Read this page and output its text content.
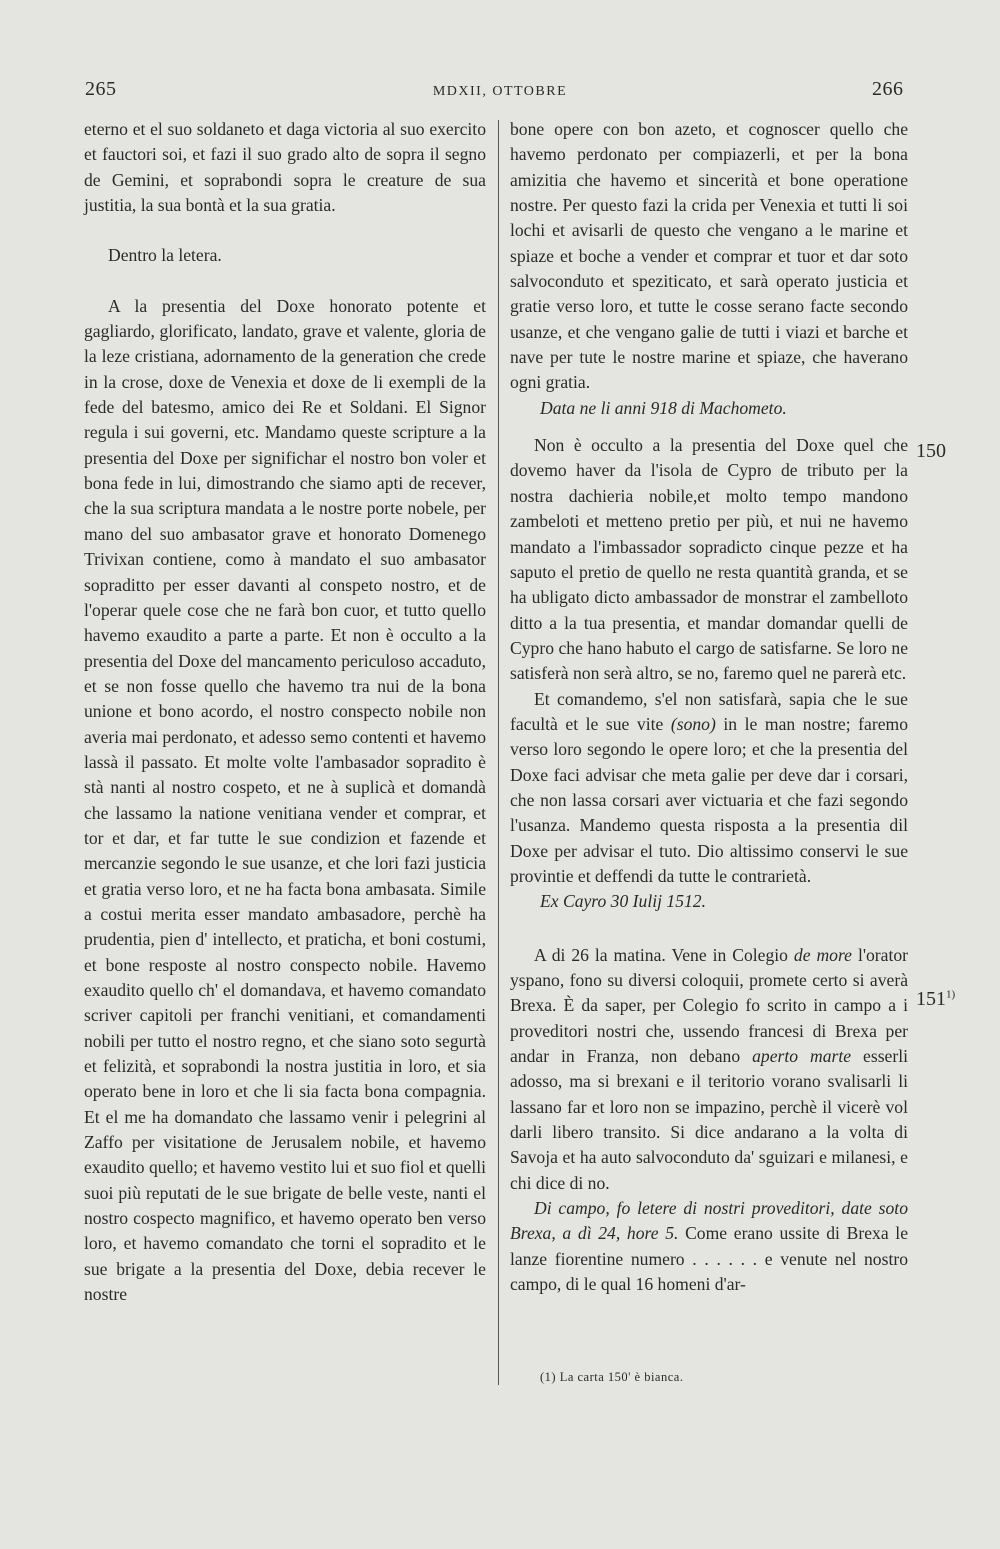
265	MDXII, OTTOBRE	266

eterno et el suo soldaneto et daga victoria al suo exercito et fauctori soi, et fazi il suo grado alto de sopra il segno de Gemini, et soprabondi sopra le creature de sua justitia, la sua bontà et la sua gratia.

Dentro la letera.

A la presentia del Doxe honorato potente et gagliardo, glorificato, landato, grave et valente, gloria de la leze cristiana, adornamento de la generation che crede in la crose, doxe de Venexia et doxe de li exempli de la fede del batesmo, amico dei Re et Soldani. El Signor regula i sui governi, etc. Mandamo queste scripture a la presentia del Doxe per significhar el nostro bon voler et bona fede in lui, dimostrando che siamo apti de recever, che la sua scriptura mandata a le nostre porte nobele, per mano del suo ambasator grave et honorato Domenego Trivixan contiene, como à mandato el suo ambasator sopraditto per esser davanti al conspeto nostro, et de l'operar quele cose che ne farà bon cuor, et tutto quello havemo exaudito a parte a parte. Et non è occulto a la presentia del Doxe del mancamento periculoso accaduto, et se non fosse quello che havemo tra nui de la bona unione et bono acordo, el nostro conspecto nobile non averia mai perdonato, et adesso semo contenti et havemo lassà il passato. Et molte volte l'ambasador sopradito è stà nanti al nostro cospeto, et ne à suplicà et domandà che lassamo la natione venitiana vender et comprar, et tor et dar, et far tutte le sue condizion et fazende et mercanzie segondo le sue usanze, et che lori fazi justicia et gratia verso loro, et ne ha facta bona ambasata. Simile a costui merita esser mandato ambasadore, perchè ha prudentia, pien d' intellecto, et praticha, et boni costumi, et bone resposte al nostro conspecto nobile. Havemo exaudito quello ch' el domandava, et havemo comandato scriver capitoli per franchi venitiani, et comandamenti nobili per tutto el nostro regno, et che siano soto segurtà et felizità, et soprabondi la nostra justitia in loro, et sia operato bene in loro et che li sia facta bona compagnia. Et el me ha domandato che lassamo venir i pelegrini al Zaffo per visitatione de Jerusalem nobile, et havemo exaudito quello; et havemo vestito lui et suo fiol et quelli suoi più reputati de le sue brigate de belle veste, nanti el nostro cospecto magnifico, et havemo operato ben verso loro, et havemo comandato che torni el sopradito et le sue brigate a la presentia del Doxe, debia recever le nostre

bone opere con bon azeto, et cognoscer quello che havemo perdonato per compiazerli, et per la bona amizitia che havemo et sincerità et bone operatione nostre. Per questo fazi la crida per Venexia et tutti li soi lochi et avisarli de questo che vengano a le marine et spiaze et boche a vender et comprar et tuor et dar soto salvoconduto et speziticato, et sarà operato justicia et gratie verso loro, et tutte le cosse serano facte secondo usanze, et che vengano galie de tutti i viazi et barche et nave per tute le nostre marine et spiaze, che haverano ogni gratia.

Data ne li anni 918 di Machometo.

Non è occulto a la presentia del Doxe quel che dovemo haver da l'isola de Cypro de tributo per la nostra dachieria nobile,et molto tempo mandono zambeloti et metteno pretio per più, et nui ne havemo mandato a l'imbassador sopradicto cinque pezze et ha saputo el pretio de quello ne resta quantità granda, et se ha ubligato dicto ambassador de monstrar el zambelloto ditto a la tua presentia, et mandar domandar quelli de Cypro che hano habuto el cargo de satisfarne. Se loro ne satisferà non serà altro, se no, faremo quel ne parerà etc.

Et comandemo, s'el non satisfarà, sapia che le sue facultà et le sue vite (sono) in le man nostre; faremo verso loro segondo le opere loro; et che la presentia del Doxe faci advisar che meta galie per deve dar i corsari, che non lassa corsari aver victuaria et che fazi segondo l'usanza. Mandemo questa risposta a la presentia dil Doxe per advisar el tuto. Dio altissimo conservi le sue provintie et deffendi da tutte le contrarietà.

Ex Cayro 30 Iulij 1512.

A di 26 la matina. Vene in Colegio de more l'orator yspano, fono su diversi coloquii, promete certo si averà Brexa. È da saper, per Colegio fo scrito in campo a i proveditori nostri che, ussendo francesi di Brexa per andar in Franza, non debano aperto marte esserli adosso, ma si brexani e il teritorio vorano svalisarli li lassano far et loro non se impazino, perchè il vicerè vol darli libero transito. Si dice andarano a la volta di Savoja et ha auto salvoconduto da' sguizari e milanesi, e chi dice di no.

Di campo, fo letere di nostri proveditori, date soto Brexa, a dì 24, hore 5. Come erano ussite di Brexa le lanze fiorentine numero . . . . . . e venute nel nostro campo, di le qual 16 homeni d'ar-

150
151$^{1)}$
(1) La carta 150' è bianca.
